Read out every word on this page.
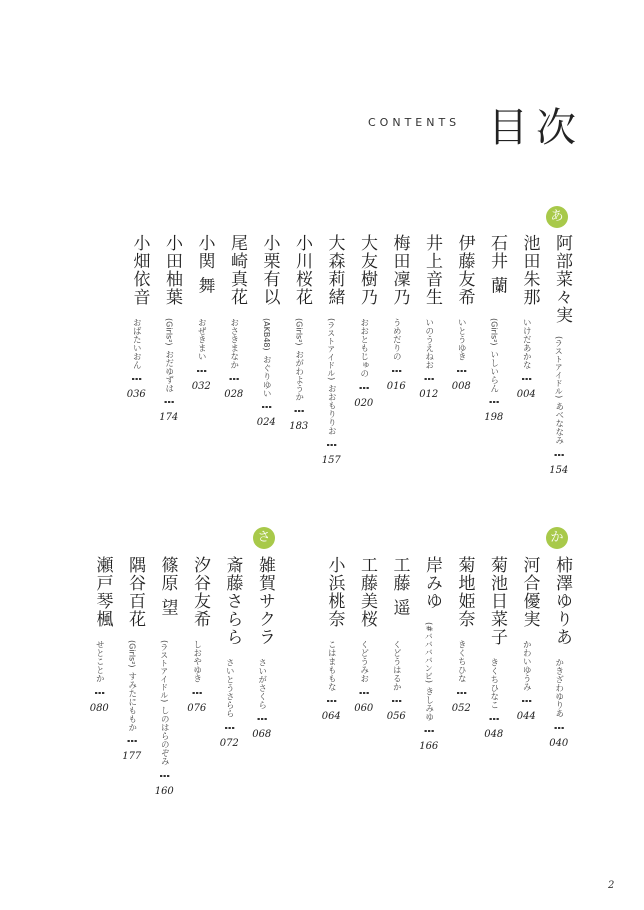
CONTENTS 目次
あ
か
さ
阿部菜々実
(ラストアイドル)
あべななみ
⋮
154
池田朱那
いけだあかな
⋮
004
石井 蘭
(Girls²)
いしいらん
⋮
198
伊藤友希
いとうゆき
⋮
008
井上音生
いのうえねお
⋮
012
梅田凜乃
うめだりの
⋮
016
大友樹乃
おおともじゅの
⋮
020
大森莉緒
(ラストアイドル)
おおもりりお
⋮
157
小川桜花
(Girls²)
おがわようか
⋮
183
小栗有以
(AKB48)
おぐりゆい
⋮
024
尾崎真花
おさきまなか
⋮
028
小関 舞
おぜきまい
⋮
032
小田柚葉
(Girls²)
おだゆずは
⋮
174
小畑依音
おばたいおん
⋮
036
柿澤ゆりあ
かきざわゆりあ
⋮
040
河合優実
かわいゆうみ
⋮
044
菊池日菜子
きくちひなこ
⋮
048
菊地姫奈
きくちひな
⋮
052
岸みゆ
(#ババババンビ)
きしみゆ
⋮
166
工藤 遥
くどうはるか
⋮
056
工藤美桜
くどうみお
⋮
060
小浜桃奈
こはまももな
⋮
064
雑賀サクラ
さいがさくら
⋮
068
斎藤さらら
さいとうさらら
⋮
072
汐谷友希
しおやゆき
⋮
076
篠原 望
(ラストアイドル)
しのはらのぞみ
⋮
160
隅谷百花
(Girls²)
すみたにももか
⋮
177
瀬戸琴楓
せとことか
⋮
080
2
